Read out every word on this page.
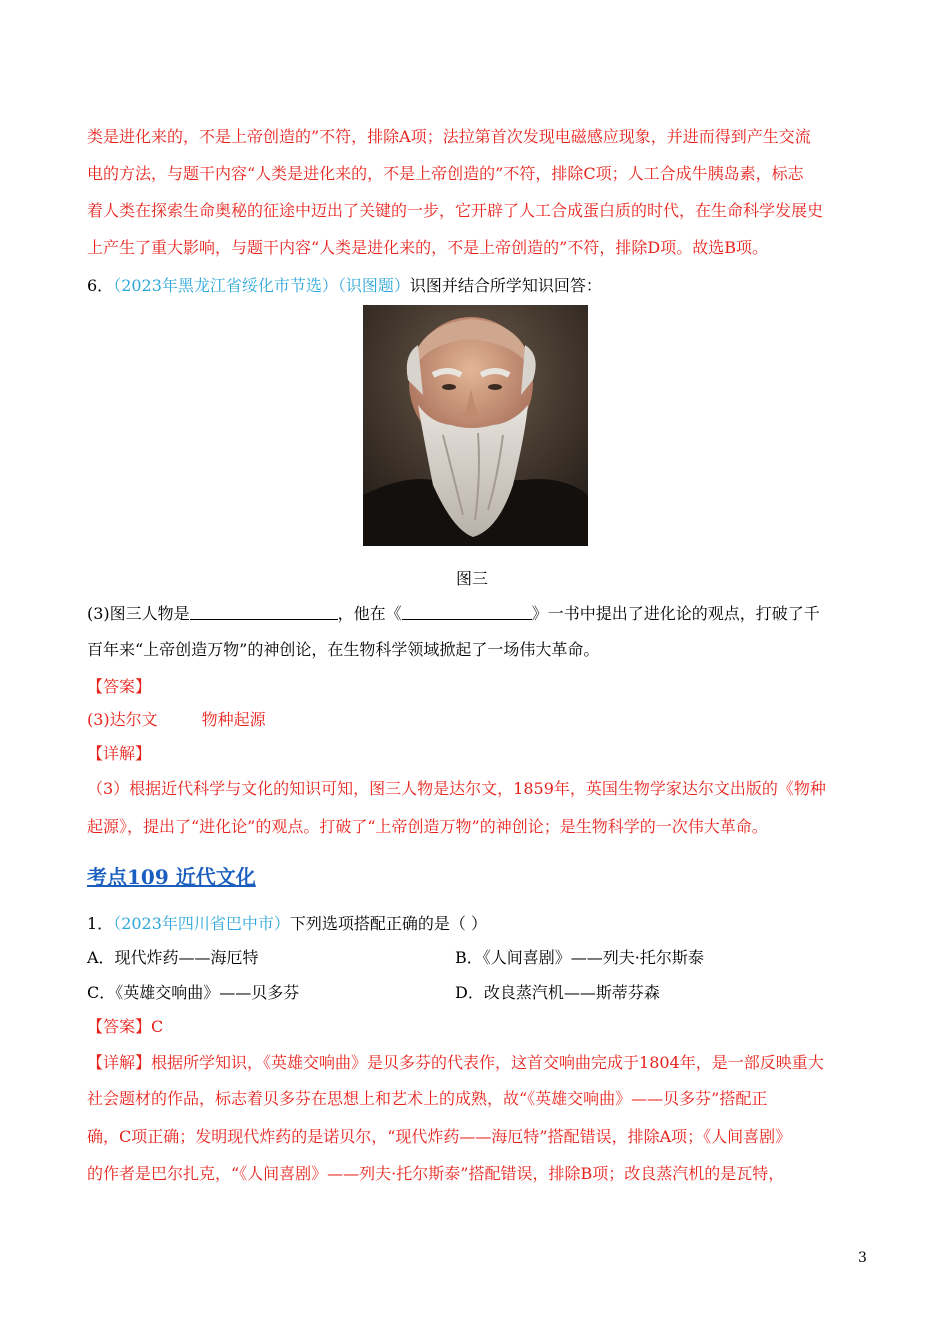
类是进化来的，不是上帝创造的”不符，排除A项；法拉第首次发现电磁感应现象，并进而得到产生交流
电的方法，与题干内容“人类是进化来的，不是上帝创造的”不符，排除C项；人工合成牛胰岛素，标志
着人类在探索生命奥秘的征途中迈出了关键的一步，它开辟了人工合成蛋白质的时代，在生命科学发展史
上产生了重大影响，与题干内容“人类是进化来的，不是上帝创造的”不符，排除D项。故选B项。
6．（2023年黑龙江省绥化市节选）（识图题）识图并结合所学知识回答：
图三
(3)图三人物是	，他在《	》一书中提出了进化论的观点，打破了千
百年来“上帝创造万物”的神创论，在生物科学领域掀起了一场伟大革命。
【答案】
(3)达尔文	物种起源
【详解】
（3）根据近代科学与文化的知识可知，图三人物是达尔文，1859年，英国生物学家达尔文出版的《物种
起源》，提出了“进化论”的观点。打破了“上帝创造万物”的神创论；是生物科学的一次伟大革命。
考点109 近代文化
1．（2023年四川省巴中市）下列选项搭配正确的是（ ）
A．现代炸药——海厄特	B．《人间喜剧》——列夫·托尔斯泰
C．《英雄交响曲》——贝多芬	D．改良蒸汽机——斯蒂芬森
【答案】C
【详解】根据所学知识，《英雄交响曲》是贝多芬的代表作，这首交响曲完成于1804年，是一部反映重大
社会题材的作品，标志着贝多芬在思想上和艺术上的成熟，故“《英雄交响曲》——贝多芬”搭配正
确，C项正确；发明现代炸药的是诺贝尔，“现代炸药——海厄特”搭配错误，排除A项；《人间喜剧》
的作者是巴尔扎克，“《人间喜剧》——列夫·托尔斯泰”搭配错误，排除B项；改良蒸汽机的是瓦特，
3
